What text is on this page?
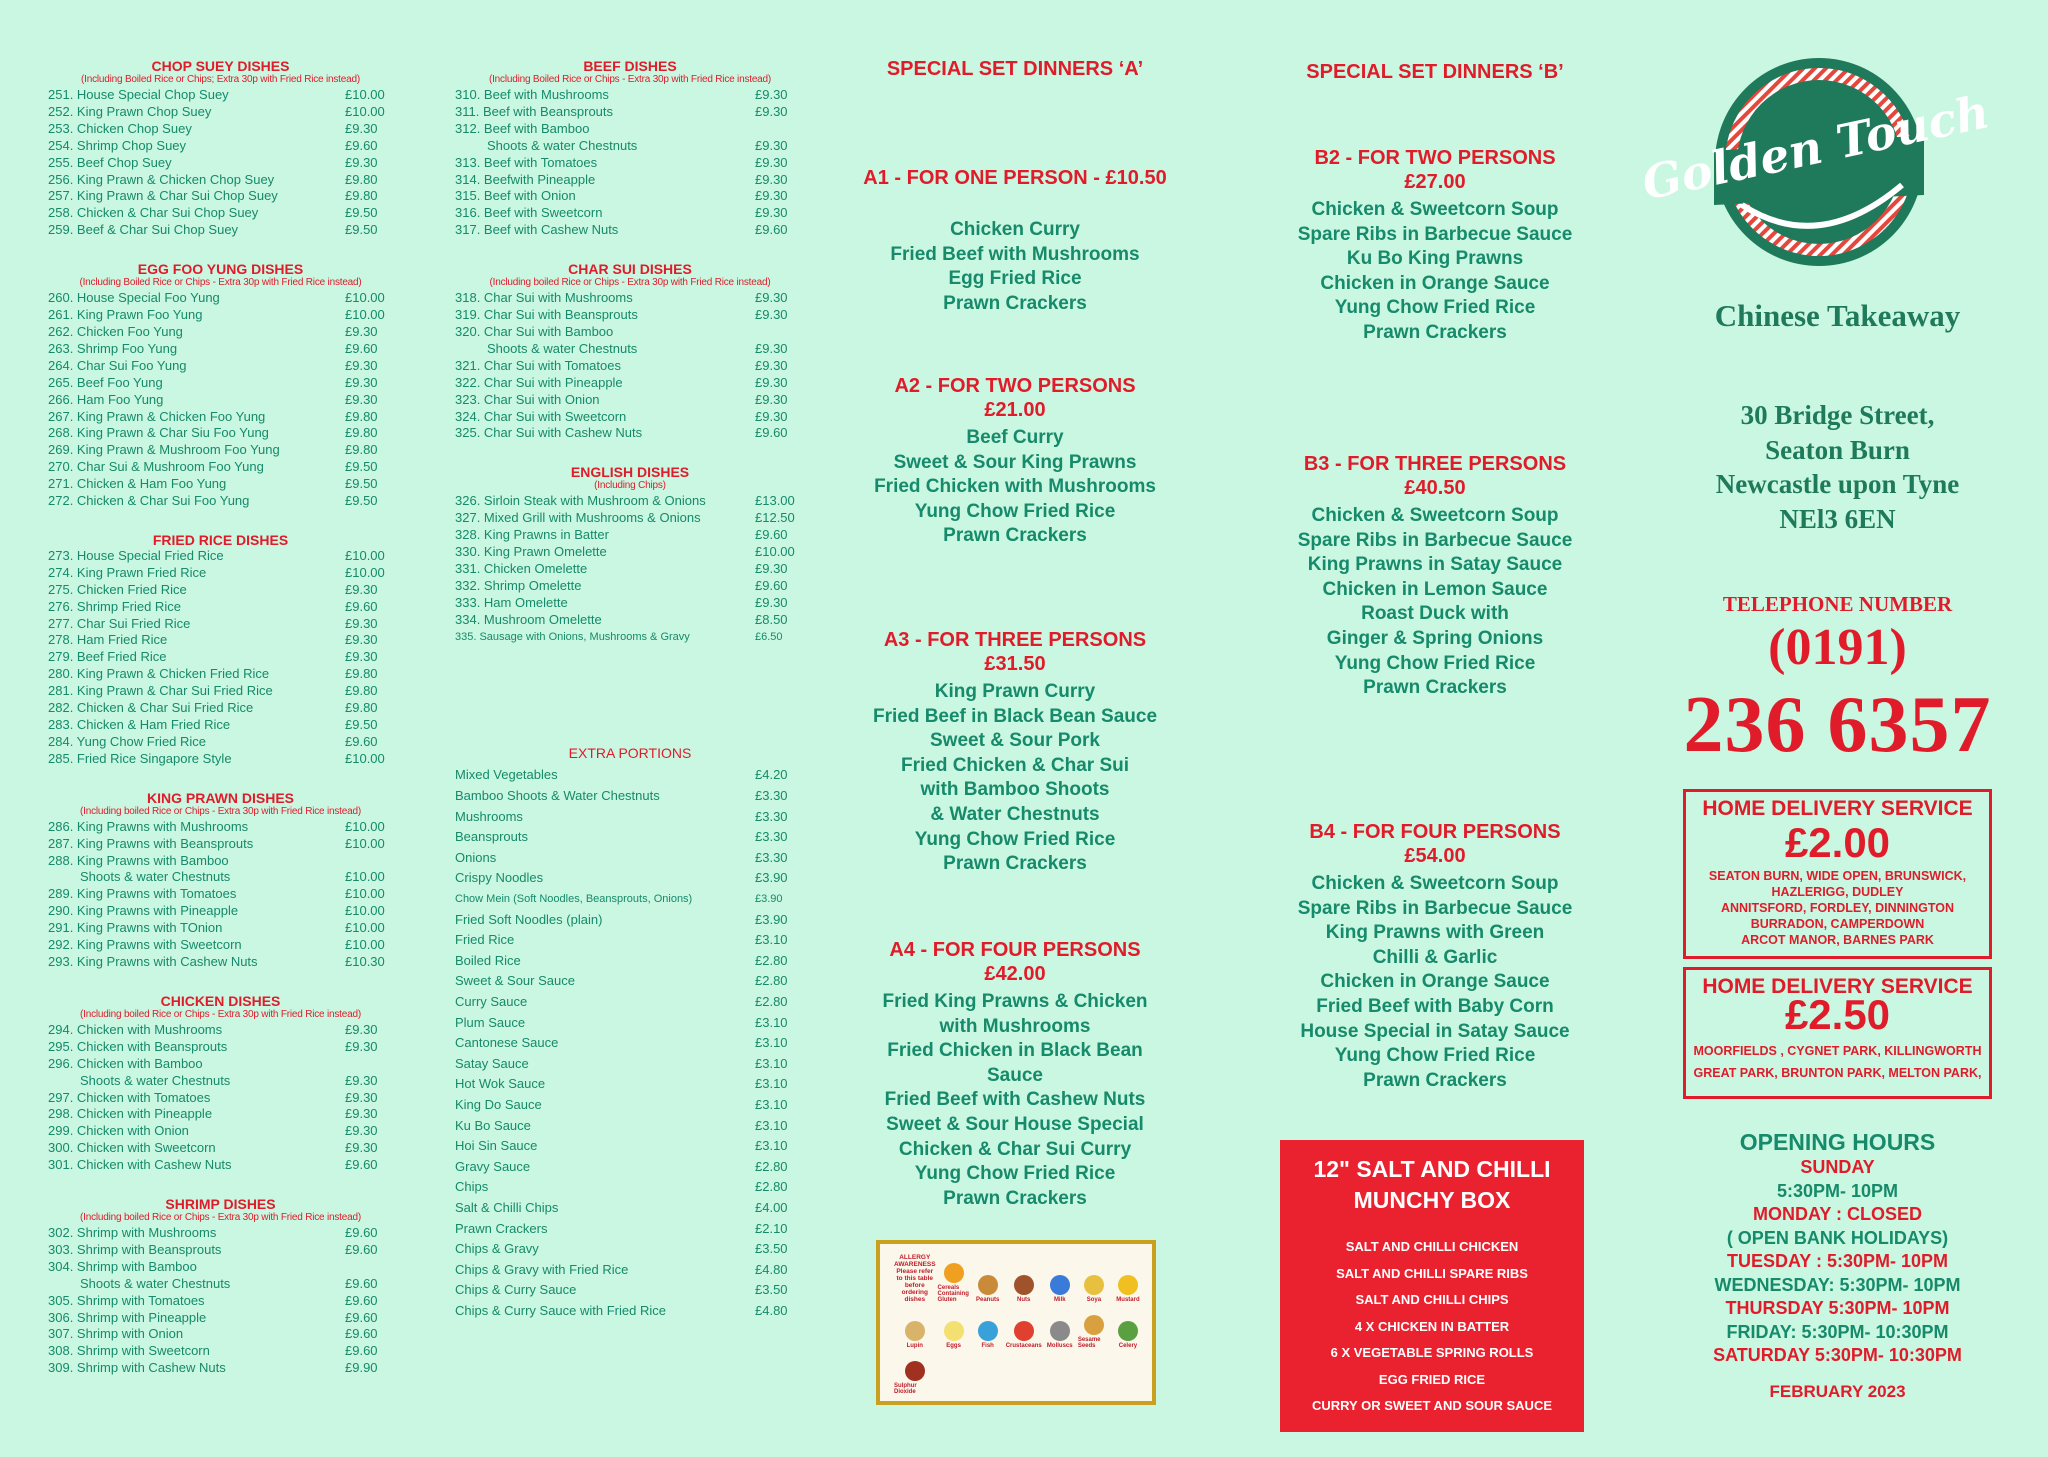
CHOP SUEY DISHES
(Including Boiled Rice or Chips; Extra 30p with Fried Rice instead)
251. House Special Chop Suey	£10.00
252. King Prawn Chop Suey	£10.00
253. Chicken Chop Suey	£9.30
254. Shrimp Chop Suey	£9.60
255. Beef Chop Suey	£9.30
256. King Prawn & Chicken Chop Suey	£9.80
257. King Prawn & Char Sui Chop Suey	£9.80
258. Chicken & Char Sui Chop Suey	£9.50
259. Beef & Char Sui Chop Suey	£9.50
EGG FOO YUNG DISHES
(Including Boiled Rice or Chips - Extra 30p with Fried Rice instead)
260. House Special Foo Yung	£10.00
261. King Prawn Foo Yung	£10.00
262. Chicken Foo Yung	£9.30
263. Shrimp Foo Yung	£9.60
264. Char Sui Foo Yung	£9.30
265. Beef Foo Yung	£9.30
266. Ham Foo Yung	£9.30
267. King Prawn & Chicken Foo Yung	£9.80
268. King Prawn & Char Siu Foo Yung	£9.80
269. King Prawn & Mushroom Foo Yung	£9.80
270. Char Sui & Mushroom Foo Yung	£9.50
271. Chicken & Ham Foo Yung	£9.50
272. Chicken & Char Sui Foo Yung	£9.50
FRIED RICE DISHES
273. House Special Fried Rice	£10.00
274. King Prawn Fried Rice	£10.00
275. Chicken Fried Rice	£9.30
276. Shrimp Fried Rice	£9.60
277. Char Sui Fried Rice	£9.30
278. Ham Fried Rice	£9.30
279. Beef Fried Rice	£9.30
280. King Prawn & Chicken Fried Rice	£9.80
281. King Prawn & Char Sui Fried Rice	£9.80
282. Chicken & Char Sui Fried Rice	£9.80
283. Chicken & Ham Fried Rice	£9.50
284. Yung Chow Fried Rice	£9.60
285. Fried Rice Singapore Style	£10.00
KING PRAWN DISHES
(Including boiled Rice or Chips - Extra 30p with Fried Rice instead)
286. King Prawns with Mushrooms	£10.00
287. King Prawns with Beansprouts	£10.00
288. King Prawns with Bamboo
Shoots & water Chestnuts	£10.00
289. King Prawns with Tomatoes	£10.00
290. King Prawns with Pineapple	£10.00
291. King Prawns with TOnion	£10.00
292. King Prawns with Sweetcorn	£10.00
293. King Prawns with Cashew Nuts	£10.30
CHICKEN DISHES
(Including boiled Rice or Chips - Extra 30p with Fried Rice instead)
294. Chicken with Mushrooms	£9.30
295. Chicken with Beansprouts	£9.30
296. Chicken with Bamboo
Shoots & water Chestnuts	£9.30
297. Chicken with Tomatoes	£9.30
298. Chicken with Pineapple	£9.30
299. Chicken with Onion	£9.30
300. Chicken with Sweetcorn	£9.30
301. Chicken with Cashew Nuts	£9.60
SHRIMP DISHES
(Including boiled Rice or Chips - Extra 30p with Fried Rice instead)
302. Shrimp with Mushrooms	£9.60
303. Shrimp with Beansprouts	£9.60
304. Shrimp with Bamboo
Shoots & water Chestnuts	£9.60
305. Shrimp with Tomatoes	£9.60
306. Shrimp with Pineapple	£9.60
307. Shrimp with Onion	£9.60
308. Shrimp with Sweetcorn	£9.60
309. Shrimp with Cashew Nuts	£9.90
BEEF DISHES
(Including Boiled Rice or Chips - Extra 30p with Fried Rice instead)
310. Beef with Mushrooms	£9.30
311. Beef with Beansprouts	£9.30
312. Beef with Bamboo
Shoots & water Chestnuts	£9.30
313. Beef with Tomatoes	£9.30
314. Beefwith Pineapple	£9.30
315. Beef with Onion	£9.30
316. Beef with Sweetcorn	£9.30
317. Beef with Cashew Nuts	£9.60
CHAR SUI DISHES
(Including boiled Rice or Chips - Extra 30p with Fried Rice instead)
318. Char Sui with Mushrooms	£9.30
319. Char Sui with Beansprouts	£9.30
320. Char Sui with Bamboo
Shoots & water Chestnuts	£9.30
321. Char Sui with Tomatoes	£9.30
322. Char Sui with Pineapple	£9.30
323. Char Sui with Onion	£9.30
324. Char Sui with Sweetcorn	£9.30
325. Char Sui with Cashew Nuts	£9.60
ENGLISH DISHES
(Including Chips)
326. Sirloin Steak with Mushroom & Onions	£13.00
327. Mixed Grill with Mushrooms & Onions	£12.50
328. King Prawns in Batter	£9.60
330. King Prawn Omelette	£10.00
331. Chicken Omelette	£9.30
332. Shrimp Omelette	£9.60
333. Ham Omelette	£9.30
334. Mushroom Omelette	£8.50
335. Sausage with Onions, Mushrooms & Gravy	£6.50
EXTRA PORTIONS
Mixed Vegetables	£4.20
Bamboo Shoots & Water Chestnuts	£3.30
Mushrooms	£3.30
Beansprouts	£3.30
Onions	£3.30
Crispy Noodles	£3.90
Chow Mein (Soft Noodles, Beansprouts, Onions)	£3.90
Fried Soft Noodles (plain)	£3.90
Fried Rice	£3.10
Boiled Rice	£2.80
Sweet & Sour Sauce	£2.80
Curry Sauce	£2.80
Plum Sauce	£3.10
Cantonese Sauce	£3.10
Satay Sauce	£3.10
Hot Wok Sauce	£3.10
King Do Sauce	£3.10
Ku Bo Sauce	£3.10
Hoi Sin Sauce	£3.10
Gravy Sauce	£2.80
Chips	£2.80
Salt & Chilli Chips	£4.00
Prawn Crackers	£2.10
Chips & Gravy	£3.50
Chips & Gravy with Fried Rice	£4.80
Chips & Curry Sauce	£3.50
Chips & Curry Sauce with Fried Rice	£4.80
SPECIAL SET DINNERS ‘A’
A1 - FOR ONE PERSON - £10.50
Chicken Curry
Fried Beef with Mushrooms
Egg Fried Rice
Prawn Crackers
A2 - FOR TWO PERSONS
£21.00
Beef Curry
Sweet & Sour King Prawns
Fried Chicken with Mushrooms
Yung Chow Fried Rice
Prawn Crackers
A3 - FOR THREE PERSONS
£31.50
King Prawn Curry
Fried Beef in Black Bean Sauce
Sweet & Sour Pork
Fried Chicken & Char Sui
with Bamboo Shoots
& Water Chestnuts
Yung Chow Fried Rice
Prawn Crackers
A4 - FOR FOUR PERSONS
£42.00
Fried King Prawns & Chicken
with Mushrooms
Fried Chicken in Black Bean
Sauce
Fried Beef with Cashew Nuts
Sweet & Sour House Special
Chicken & Char Sui Curry
Yung Chow Fried Rice
Prawn Crackers
SPECIAL SET DINNERS ‘B’
B2 - FOR TWO PERSONS
£27.00
Chicken & Sweetcorn Soup
Spare Ribs in Barbecue Sauce
Ku Bo King Prawns
Chicken in Orange Sauce
Yung Chow Fried Rice
Prawn Crackers
B3 - FOR THREE PERSONS
£40.50
Chicken & Sweetcorn Soup
Spare Ribs in Barbecue Sauce
King Prawns in Satay Sauce
Chicken in Lemon Sauce
Roast Duck with
Ginger & Spring Onions
Yung Chow Fried Rice
Prawn Crackers
B4 - FOR FOUR PERSONS
£54.00
Chicken & Sweetcorn Soup
Spare Ribs in Barbecue Sauce
King Prawns with Green
Chilli & Garlic
Chicken in Orange Sauce
Fried Beef with Baby Corn
House Special in Satay Sauce
Yung Chow Fried Rice
Prawn Crackers
12" SALT AND CHILLI
MUNCHY BOX
SALT AND CHILLI CHICKEN
SALT AND CHILLI SPARE RIBS
SALT AND CHILLI CHIPS
4 X CHICKEN IN BATTER
6 X VEGETABLE SPRING ROLLS
EGG FRIED RICE
CURRY OR SWEET AND SOUR SAUCE
ALLERGY AWARENESS Please refer to this table before ordering dishes
Cereals Containing Gluten	Peanuts	Nuts	Milk	Soya	Mustard
Lupin	Eggs	Fish Crustaceans Molluscs
Sesame Seeds	Celery
Sulphur Dioxide
Golden Touch
Chinese Takeaway
30 Bridge Street,
Seaton Burn
Newcastle upon Tyne
NEl3 6EN
TELEPHONE NUMBER
(0191)
236 6357
HOME DELIVERY SERVICE
£2.00
SEATON BURN, WIDE OPEN, BRUNSWICK,
HAZLERIGG, DUDLEY
ANNITSFORD, FORDLEY, DINNINGTON
BURRADON, CAMPERDOWN
ARCOT MANOR, BARNES PARK
HOME DELIVERY SERVICE
£2.50
MOORFIELDS , CYGNET PARK, KILLINGWORTH
GREAT PARK, BRUNTON PARK, MELTON PARK,
OPENING HOURS
SUNDAY
5:30PM- 10PM
MONDAY : CLOSED
( OPEN BANK HOLIDAYS)
TUESDAY : 5:30PM- 10PM
WEDNESDAY: 5:30PM- 10PM
THURSDAY 5:30PM- 10PM
FRIDAY: 5:30PM- 10:30PM
SATURDAY 5:30PM- 10:30PM
FEBRUARY 2023
